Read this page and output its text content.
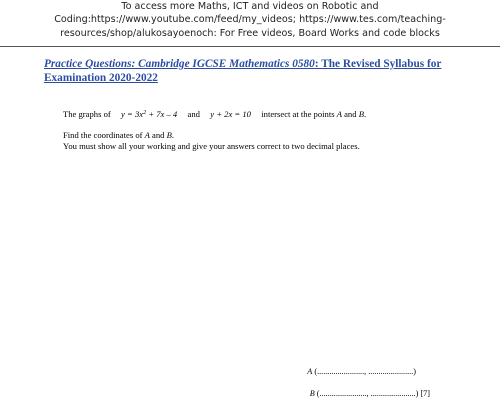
To access more Maths, ICT and videos on Robotic and
Coding:https://www.youtube.com/feed/my_videos; https://www.tes.com/teaching-
resources/shop/alukosayoenoch: For Free videos, Board Works and code blocks
Practice Questions: Cambridge IGCSE Mathematics 0580: The Revised Syllabus for
Examination 2020-2022
The graphs of $y = 3x^2 + 7x - 4$ and y + 2x = 10 intersect at the points A and B.
Find the coordinates of A and B.
You must show all your working and give your answers correct to two decimal places.
A (......................., ......................)
B (......................., ......................) [7]
